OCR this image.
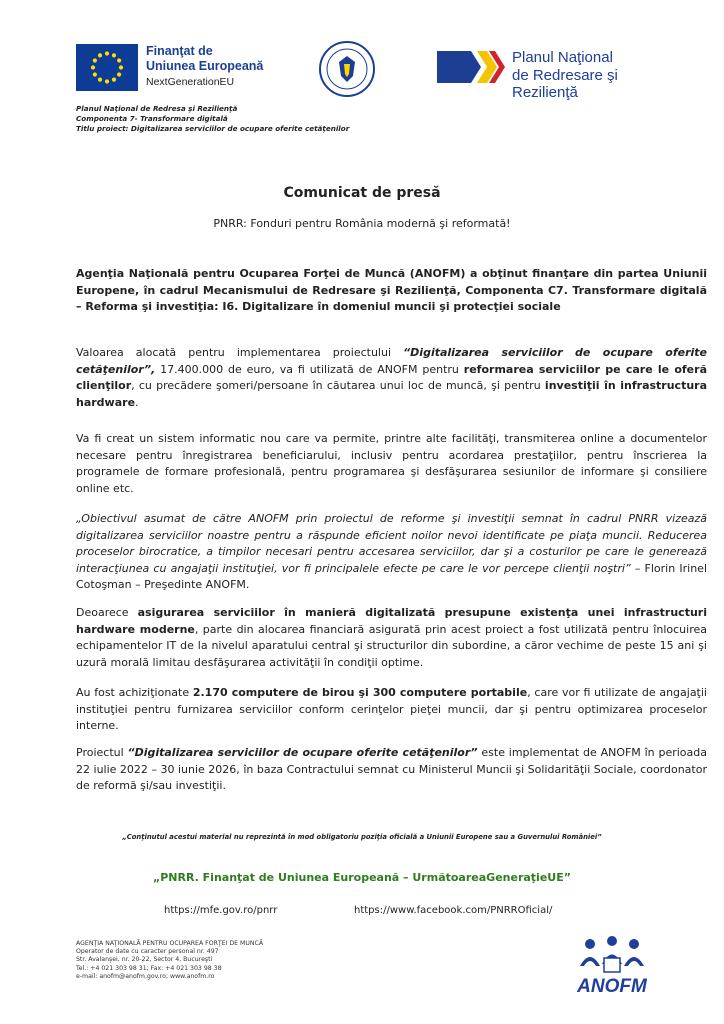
Finanţat de
Uniunea Europeană
NextGenerationEU
Planul Naţional
de Redresare şi Rezilienţă
Planul Naţional de Redresa şi Rezilienţă
Componenta 7- Transformare digitală
Titlu proiect: Digitalizarea serviciilor de ocupare oferite cetăţenilor
Comunicat de presă
PNRR: Fonduri pentru România modernă şi reformată!
Agenţia Naţională pentru Ocuparea Forţei de Muncă (ANOFM) a obţinut finanţare din partea Uniunii Europene, în cadrul Mecanismului de Redresare şi Rezilienţă, Componenta C7. Transformare digitală – Reforma şi investiţia: I6. Digitalizare în domeniul muncii şi protecţiei sociale
Valoarea alocată pentru implementarea proiectului “Digitalizarea serviciilor de ocupare oferite cetăţenilor”, 17.400.000 de euro, va fi utilizată de ANOFM pentru reformarea serviciilor pe care le oferă clienţilor, cu precădere şomeri/persoane în căutarea unui loc de muncă, şi pentru investiţii în infrastructura hardware.
Va fi creat un sistem informatic nou care va permite, printre alte facilităţi, transmiterea online a documentelor necesare pentru înregistrarea beneficiarului, inclusiv pentru acordarea prestaţiilor, pentru înscrierea la programele de formare profesională, pentru programarea şi desfăşurarea sesiunilor de informare şi consiliere online etc.
„Obiectivul asumat de către ANOFM prin proiectul de reforme şi investiţii semnat în cadrul PNRR vizează digitalizarea serviciilor noastre pentru a răspunde eficient noilor nevoi identificate pe piaţa muncii. Reducerea proceselor birocratice, a timpilor necesari pentru accesarea serviciilor, dar şi a costurilor pe care le generează interacţiunea cu angajaţii instituţiei, vor fi principalele efecte pe care le vor percepe clienţii noştri” – Florin Irinel Cotoşman – Preşedinte ANOFM.
Deoarece asigurarea serviciilor în manieră digitalizată presupune existenţa unei infrastructuri hardware moderne, parte din alocarea financiară asigurată prin acest proiect a fost utilizată pentru înlocuirea echipamentelor IT de la nivelul aparatului central şi structurilor din subordine, a căror vechime de peste 15 ani şi uzură morală limitau desfăşurarea activităţii în condiţii optime.
Au fost achiziţionate 2.170 computere de birou şi 300 computere portabile, care vor fi utilizate de angajaţii instituţiei pentru furnizarea serviciilor conform cerinţelor pieţei muncii, dar şi pentru optimizarea proceselor interne.
Proiectul “Digitalizarea serviciilor de ocupare oferite cetăţenilor” este implementat de ANOFM în perioada 22 iulie 2022 – 30 iunie 2026, în baza Contractului semnat cu Ministerul Muncii şi Solidarităţii Sociale, coordonator de reformă şi/sau investiţii.
„Conţinutul acestui material nu reprezintă în mod obligatoriu poziţia oficială a Uniunii Europene sau a Guvernului României”
„PNRR. Finanţat de Uniunea Europeană – UrmătoareaGeneraţieUE”
https://mfe.gov.ro/pnrr	https://www.facebook.com/PNRROficial/
AGENŢIA NAŢIONALĂ PENTRU OCUPAREA FORŢEI DE MUNCĂ
Operator de date cu caracter personal nr. 497
Str. Avalanşei, nr. 20-22, Sector 4, Bucureşti
Tel.: +4 021 303 98 31; Fax: +4 021 303 98 38
e-mail: anofm@anofm.gov.ro; www.anofm.ro	ANOFM
